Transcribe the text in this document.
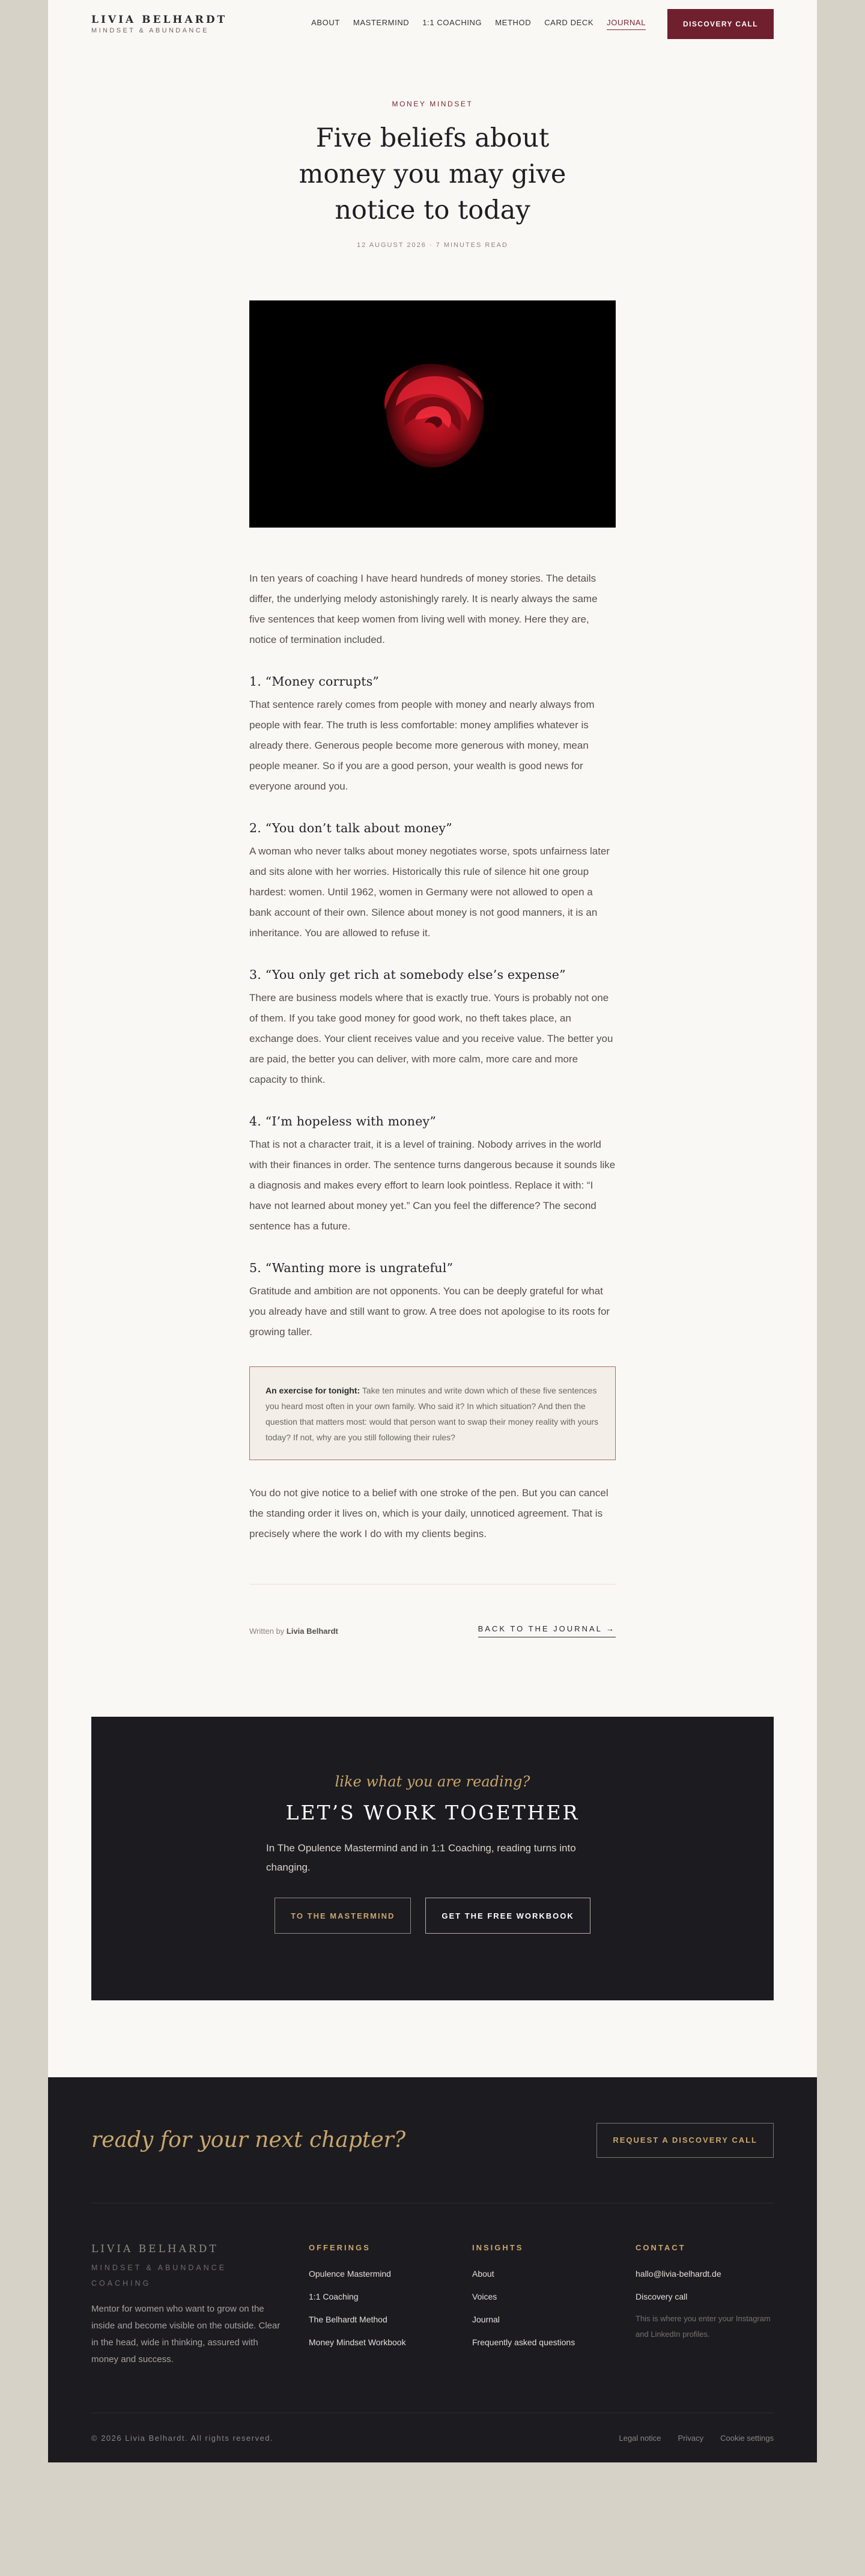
LIVIA BELHARDT
MINDSET & ABUNDANCE
ABOUT MASTERMIND 1:1 COACHING METHOD CARD DECK JOURNAL	DISCOVERY CALL
MONEY MINDSET
Five beliefs about money you may give notice to today
12 AUGUST 2026 · 7 MINUTES READ

In ten years of coaching I have heard hundreds of money stories. The details differ, the underlying melody astonishingly rarely. It is nearly always the same five sentences that keep women from living well with money. Here they are, notice of termination included.

1. “Money corrupts”

That sentence rarely comes from people with money and nearly always from people with fear. The truth is less comfortable: money amplifies whatever is already there. Generous people become more generous with money, mean people meaner. So if you are a good person, your wealth is good news for everyone around you.

2. “You don’t talk about money”

A woman who never talks about money negotiates worse, spots unfairness later and sits alone with her worries. Historically this rule of silence hit one group hardest: women. Until 1962, women in Germany were not allowed to open a bank account of their own. Silence about money is not good manners, it is an inheritance. You are allowed to refuse it.

3. “You only get rich at somebody else’s expense”

There are business models where that is exactly true. Yours is probably not one of them. If you take good money for good work, no theft takes place, an exchange does. Your client receives value and you receive value. The better you are paid, the better you can deliver, with more calm, more care and more capacity to think.

4. “I’m hopeless with money”

That is not a character trait, it is a level of training. Nobody arrives in the world with their finances in order. The sentence turns dangerous because it sounds like a diagnosis and makes every effort to learn look pointless. Replace it with: “I have not learned about money yet.” Can you feel the difference? The second sentence has a future.

5. “Wanting more is ungrateful”

Gratitude and ambition are not opponents. You can be deeply grateful for what you already have and still want to grow. A tree does not apologise to its roots for growing taller.

An exercise for tonight: Take ten minutes and write down which of these five sentences you heard most often in your own family. Who said it? In which situation? And then the question that matters most: would that person want to swap their money reality with yours today? If not, why are you still following their rules?

You do not give notice to a belief with one stroke of the pen. But you can cancel the standing order it lives on, which is your daily, unnoticed agreement. That is precisely where the work I do with my clients begins.

Written by Livia Belhardt	BACK TO THE JOURNAL →
like what you are reading?
LET’S WORK TOGETHER

In The Opulence Mastermind and in 1:1 Coaching, reading turns into changing.

TO THE MASTERMIND	GET THE FREE WORKBOOK
ready for your next chapter?	REQUEST A DISCOVERY CALL
LIVIA BELHARDT
MINDSET & ABUNDANCE COACHING

Mentor for women who want to grow on the inside and become visible on the outside. Clear in the head, wide in thinking, assured with money and success.

OFFERINGS
Opulence Mastermind
1:1 Coaching
The Belhardt Method
Money Mindset Workbook
INSIGHTS
About
Voices
Journal
Frequently asked questions
CONTACT
hallo@livia-belhardt.de
Discovery call

This is where you enter your Instagram and LinkedIn profiles.

© 2026 Livia Belhardt. All rights reserved.	Legal notice Privacy Cookie settings
